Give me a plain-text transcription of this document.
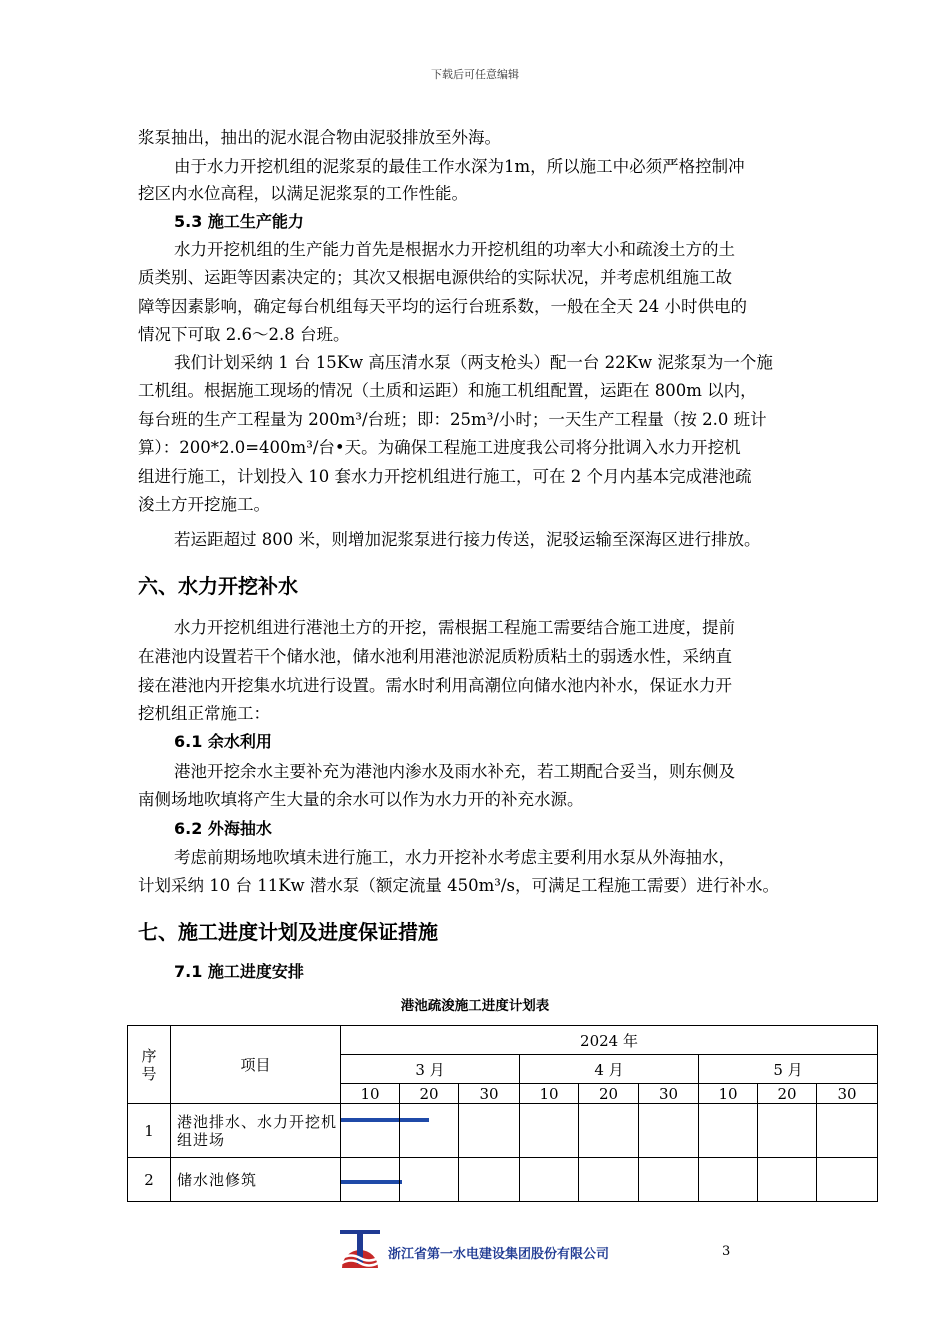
下载后可任意编辑
浆泵抽出，抽出的泥水混合物由泥驳排放至外海。
由于水力开挖机组的泥浆泵的最佳工作水深为1m，所以施工中必须严格控制冲
挖区内水位高程，以满足泥浆泵的工作性能。
5.3 施工生产能力
水力开挖机组的生产能力首先是根据水力开挖机组的功率大小和疏浚土方的土
质类别、运距等因素决定的；其次又根据电源供给的实际状况，并考虑机组施工故
障等因素影响，确定每台机组每天平均的运行台班系数，一般在全天 24 小时供电的
情况下可取 2.6～2.8 台班。
我们计划采纳 1 台 15Kw 高压清水泵（两支枪头）配一台 22Kw 泥浆泵为一个施
工机组。根据施工现场的情况（土质和运距）和施工机组配置，运距在 800m 以内，
每台班的生产工程量为 200m³/台班；即：25m³/小时；一天生产工程量（按 2.0 班计
算）：200*2.0=400m³/台•天。为确保工程施工进度我公司将分批调入水力开挖机
组进行施工，计划投入 10 套水力开挖机组进行施工，可在 2 个月内基本完成港池疏
浚土方开挖施工。
若运距超过 800 米，则增加泥浆泵进行接力传送，泥驳运输至深海区进行排放。
六、水力开挖补水
水力开挖机组进行港池土方的开挖，需根据工程施工需要结合施工进度，提前
在港池内设置若干个储水池，储水池利用港池淤泥质粉质粘土的弱透水性，采纳直
接在港池内开挖集水坑进行设置。需水时利用高潮位向储水池内补水，保证水力开
挖机组正常施工：
6.1 余水利用
港池开挖余水主要补充为港池内渗水及雨水补充，若工期配合妥当，则东侧及
南侧场地吹填将产生大量的余水可以作为水力开的补充水源。
6.2 外海抽水
考虑前期场地吹填未进行施工，水力开挖补水考虑主要利用水泵从外海抽水，
计划采纳 10 台 11Kw 潜水泵（额定流量 450m³/s，可满足工程施工需要）进行补水。
七、施工进度计划及进度保证措施
7.1 施工进度安排
港池疏浚施工进度计划表
序号	项目	2024 年								
		3 月			4 月			5 月		
		10	20	30	10	20	30	10	20	30
1	港池排水、水力开挖机组进场	

2	储水池修筑	

浙江省第一水电建设集团股份有限公司	3
